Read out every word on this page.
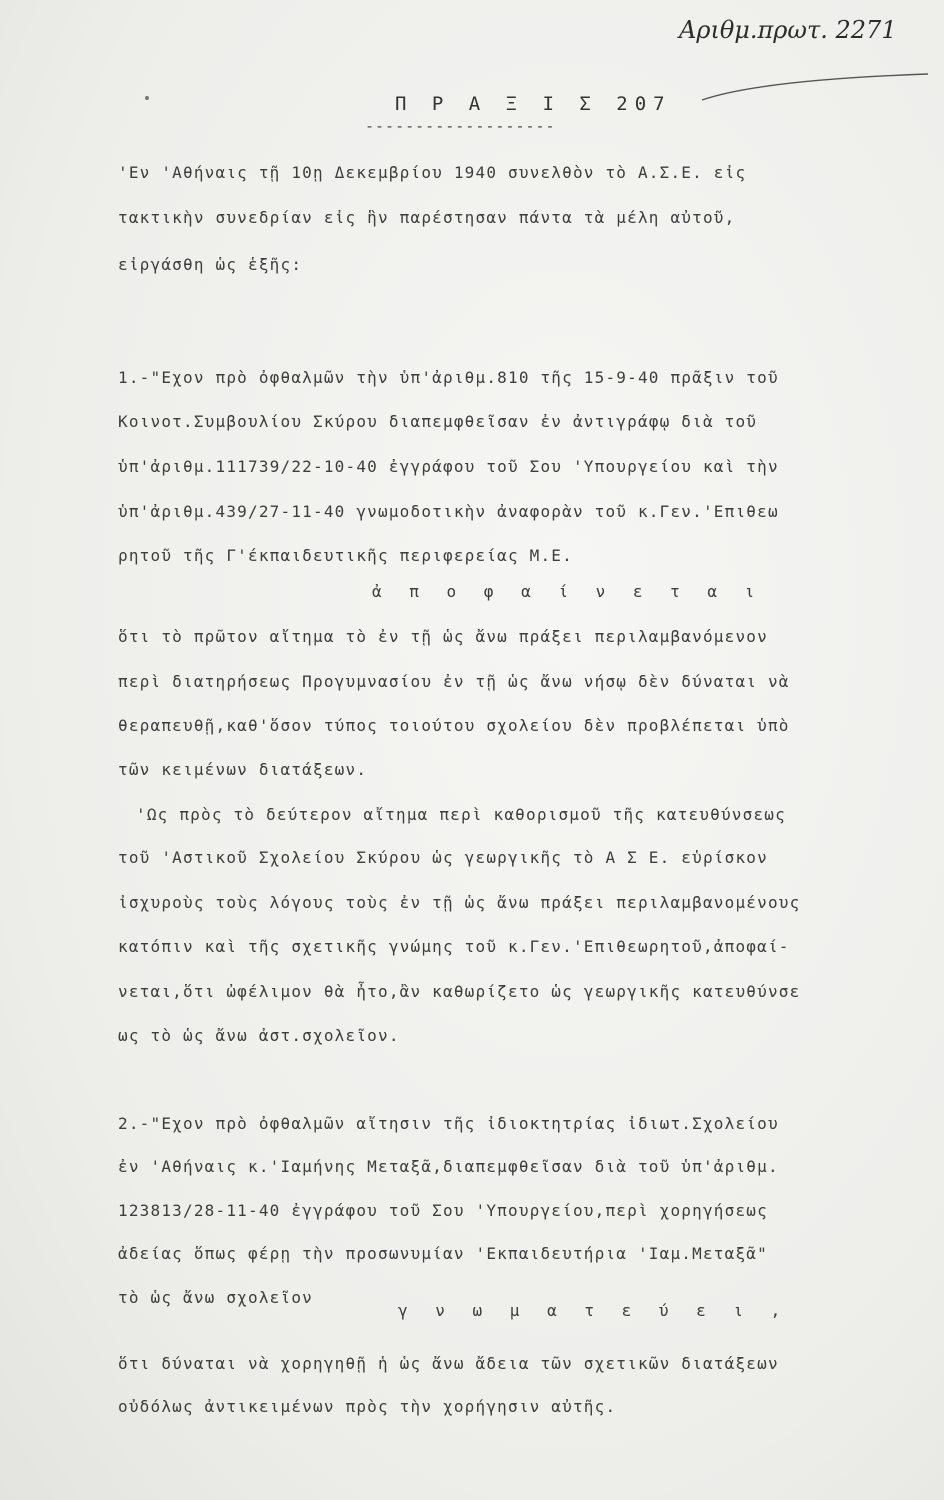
Αριθμ.πρωτ. 2271
Π Ρ Α Ξ Ι Σ 207
-------------------
'Εν 'Αθήναις τῇ 10ῃ Δεκεμβρίου 1940 συνελθὸν τὸ Α.Σ.Ε. εἰς
τακτικὴν συνεδρίαν εἰς ἣν παρέστησαν πάντα τὰ μέλη αὐτοῦ,
εἰργάσθη ὡς ἑξῆς:
1.-"Εχον πρὸ ὀφθαλμῶν τὴν ὑπ'ἀριθμ.810 τῆς 15-9-40 πρᾶξιν τοῦ
Κοινοτ.Συμβουλίου Σκύρου διαπεμφθεῖσαν ἐν ἀντιγράφῳ διὰ τοῦ
ὑπ'ἀριθμ.111739/22-10-40 ἐγγράφου τοῦ Σου 'Υπουργείου καὶ τὴν
ὑπ'ἀριθμ.439/27-11-40 γνωμοδοτικὴν ἀναφορὰν τοῦ κ.Γεν.'Επιθεω
ρητοῦ τῆς Γ'έκπαιδευτικῆς περιφερείας Μ.Ε.
ἀ π ο φ α ί ν ε τ α ι
ὅτι τὸ πρῶτον αἴτημα τὸ ἐν τῇ ὡς ἄνω πράξει περιλαμβανόμενον
περὶ διατηρήσεως Προγυμνασίου ἐν τῇ ὡς ἄνω νήσῳ δὲν δύναται νὰ
θεραπευθῇ,καθ'ὅσον τύπος τοιούτου σχολείου δὲν προβλέπεται ὑπὸ
τῶν κειμένων διατάξεων.
'Ως πρὸς τὸ δεύτερον αἴτημα περὶ καθορισμοῦ τῆς κατευθύνσεως
τοῦ 'Αστικοῦ Σχολείου Σκύρου ὡς γεωργικῆς τὸ Α Σ Ε. εὑρίσκον
ἰσχυροὺς τοὺς λόγους τοὺς ἐν τῇ ὡς ἄνω πράξει περιλαμβανομένους
κατόπιν καὶ τῆς σχετικῆς γνώμης τοῦ κ.Γεν.'Επιθεωρητοῦ,ἀποφαί-
νεται,ὅτι ὠφέλιμον θὰ ἦτο,ἂν καθωρίζετο ὡς γεωργικῆς κατευθύνσε
ως τὸ ὡς ἄνω ἀστ.σχολεῖον.
2.-"Εχον πρὸ ὀφθαλμῶν αἴτησιν τῆς ἰδιοκτητρίας ἰδιωτ.Σχολείου
ἐν 'Αθήναις κ.'Ιαμήνης Μεταξᾶ,διαπεμφθεῖσαν διὰ τοῦ ὑπ'ἀριθμ.
123813/28-11-40 ἐγγράφου τοῦ Σου 'Υπουργείου,περὶ χορηγήσεως
ἀδείας ὅπως φέρῃ τὴν προσωνυμίαν 'Εκπαιδευτήρια 'Ιαμ.Μεταξᾶ"
τὸ ὡς ἄνω σχολεῖον
γ ν ω μ α τ ε ύ ε ι ,
ὅτι δύναται νὰ χορηγηθῇ ἡ ὡς ἄνω ἄδεια τῶν σχετικῶν διατάξεων
οὐδόλως ἀντικειμένων πρὸς τὴν χορήγησιν αὐτῆς.
